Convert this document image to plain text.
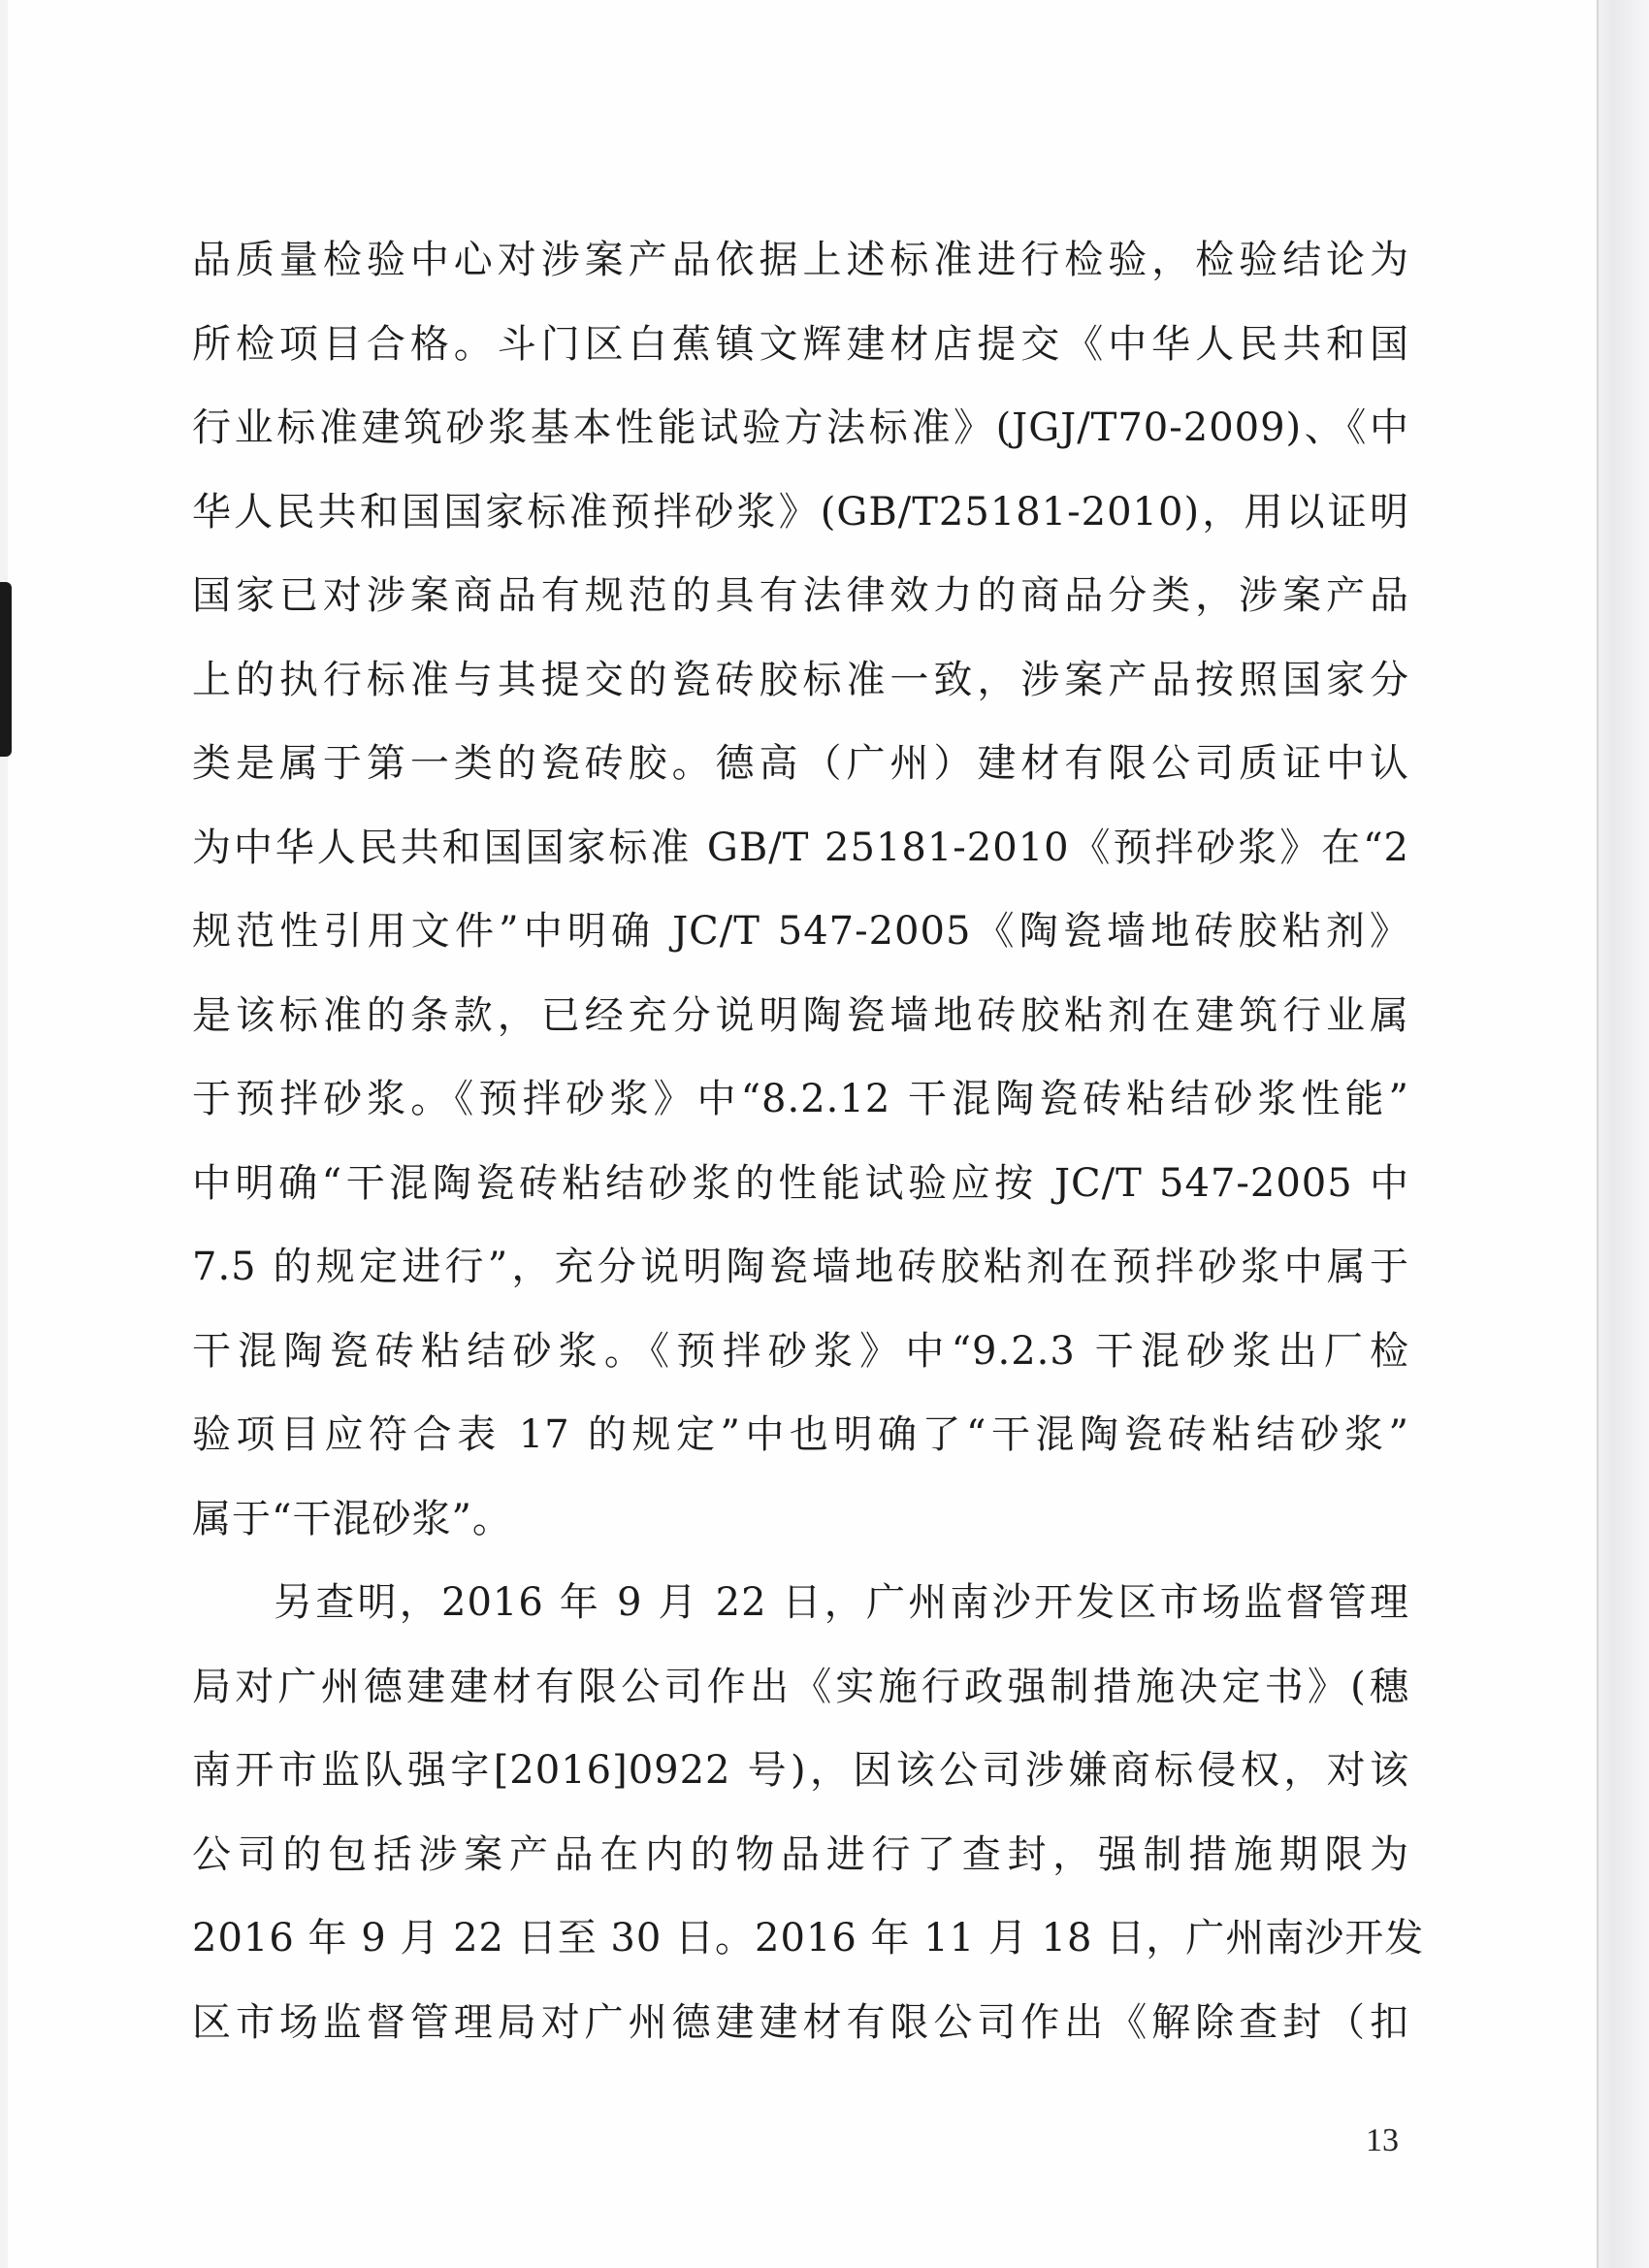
品质量检验中心对涉案产品依据上述标准进行检验，检验结论为
所检项目合格。斗门区白蕉镇文辉建材店提交《中华人民共和国
行业标准建筑砂浆基本性能试验方法标准》(JGJ/T70-2009)、《中
华人民共和国国家标准预拌砂浆》(GB/T25181-2010)，用以证明
国家已对涉案商品有规范的具有法律效力的商品分类，涉案产品
上的执行标准与其提交的瓷砖胶标准一致，涉案产品按照国家分
类是属于第一类的瓷砖胶。德高（广州）建材有限公司质证中认
为中华人民共和国国家标准 GB/T 25181-2010《预拌砂浆》在“2
规范性引用文件”中明确 JC/T 547-2005《陶瓷墙地砖胶粘剂》
是该标准的条款，已经充分说明陶瓷墙地砖胶粘剂在建筑行业属
于预拌砂浆。《预拌砂浆》中“8.2.12 干混陶瓷砖粘结砂浆性能”
中明确“干混陶瓷砖粘结砂浆的性能试验应按 JC/T 547-2005 中
7.5 的规定进行”，充分说明陶瓷墙地砖胶粘剂在预拌砂浆中属于
干混陶瓷砖粘结砂浆。《预拌砂浆》中“9.2.3 干混砂浆出厂检
验项目应符合表 17 的规定”中也明确了“干混陶瓷砖粘结砂浆”
属于“干混砂浆”。
另查明，2016 年 9 月 22 日，广州南沙开发区市场监督管理
局对广州德建建材有限公司作出《实施行政强制措施决定书》(穗
南开市监队强字[2016]0922 号)，因该公司涉嫌商标侵权，对该
公司的包括涉案产品在内的物品进行了查封，强制措施期限为
2016 年 9 月 22 日至 30 日。2016 年 11 月 18 日，广州南沙开发
区市场监督管理局对广州德建建材有限公司作出《解除查封（扣
13
